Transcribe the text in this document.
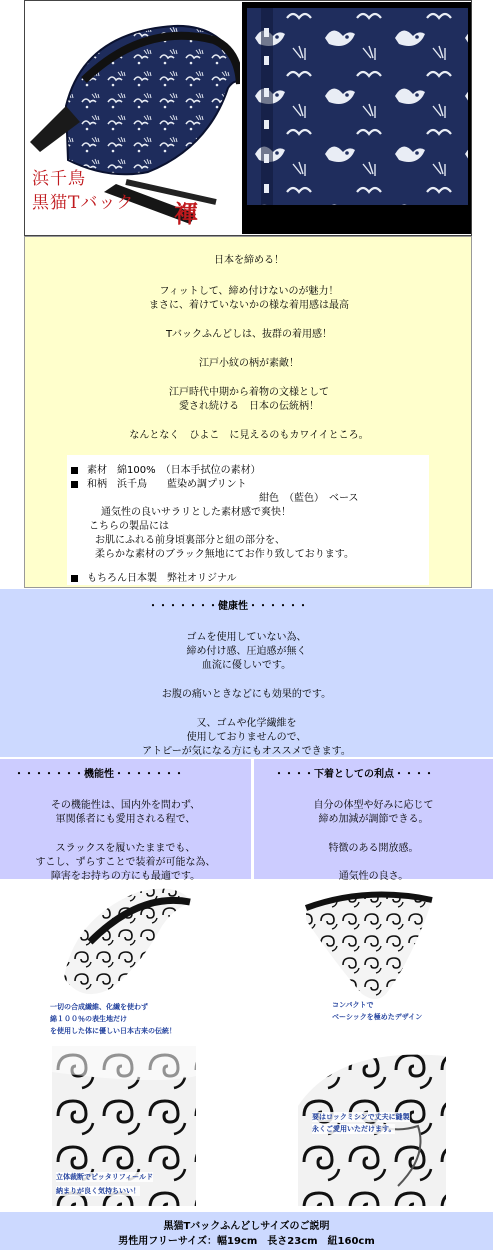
浜千鳥
黒猫Tバック 褌
日本を締める！
フィットして、締め付けないのが魅力！
まさに、着けていないかの様な着用感は最高
Tバックふんどしは、抜群の着用感！
江戸小紋の柄が素敵！
江戸時代中期から着物の文様として
愛され続ける　日本の伝統柄！
なんとなく　ひよこ　に見えるのもカワイイところ。
素材　綿100%　（日本手拭位の素材）
和柄　浜千鳥　　藍染め調プリント
紺色　（藍色）　ベース
通気性の良いサラリとした素材感で爽快！
こちらの製品には
お肌にふれる前身頃裏部分と紐の部分を、
柔らかな素材のブラック無地にてお作り致しております。
もちろん日本製　弊社オリジナル
・・・・・・・健康性・・・・・・
ゴムを使用していない為、
締め付け感、圧迫感が無く
血流に優しいです。
お腹の痛いときなどにも効果的です。
又、ゴムや化学繊維を
使用しておりませんので、
アトピーが気になる方にもオススメできます。
・・・・・・・機能性・・・・・・・
その機能性は、国内外を問わず、
軍関係者にも愛用される程で、
スラックスを履いたままでも、
すこし、ずらすことで装着が可能な為、
障害をお持ちの方にも最適です。
・・・・下着としての利点・・・・
自分の体型や好みに応じて
締め加減が調節できる。
特徴のある開放感。
通気性の良さ。
一切の合成繊維、化繊を使わず
綿１００％の表生地だけ
を使用した体に優しい日本古来の伝統！
コンパクトで
ベーシックを極めたデザイン
立体裁断でピッタリフィールド
納まりが良く気持ちいい！
要はロックミシンで丈夫に縫製
永くご愛用いただけます。
黒猫Tバックふんどしサイズのご説明
男性用フリーサイズ：幅19cm　長さ23cm　紐160cm
